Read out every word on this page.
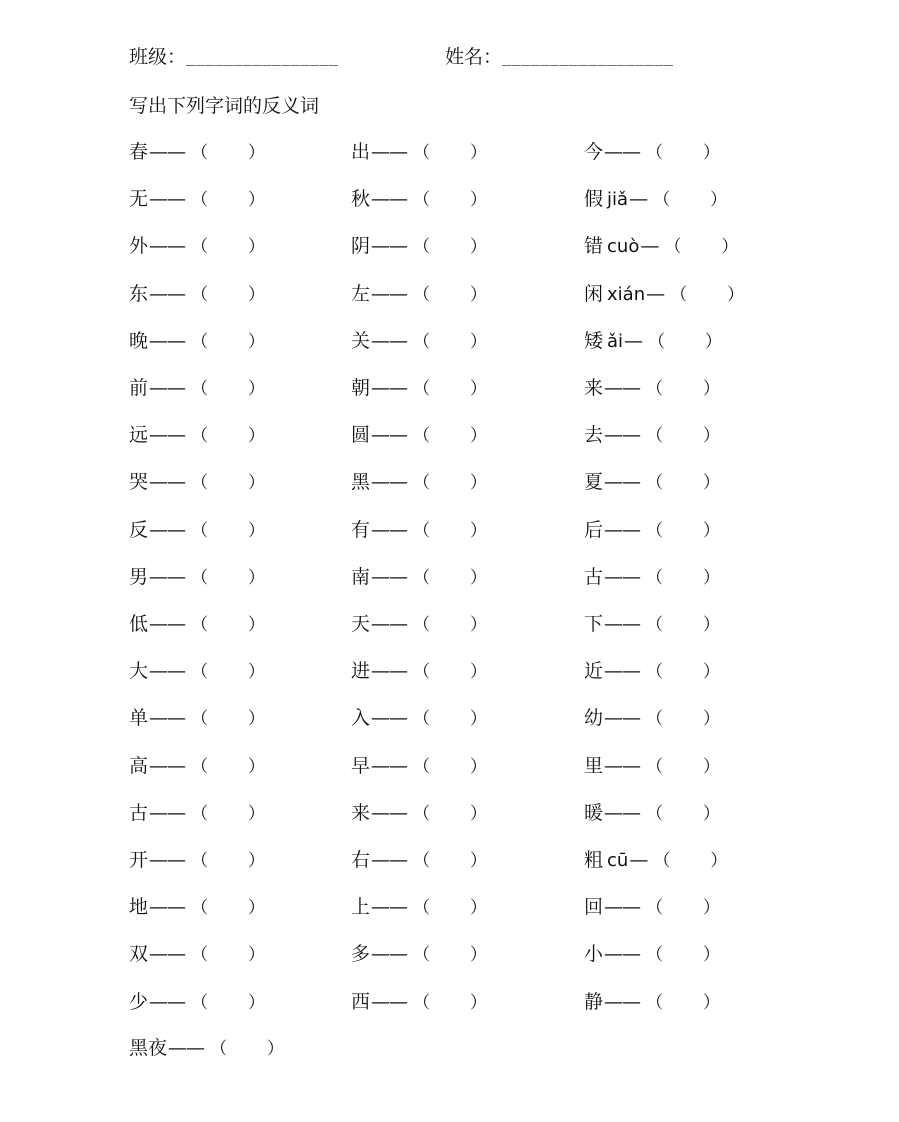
班级：________________	姓名：__________________
写出下列字词的反义词
春—— （ ）	出—— （ ）	今—— （ ）
无—— （ ）	秋—— （ ）	假 jiǎ— （ ）
外—— （ ）	阴—— （ ）	错 cuò— （ ）
东—— （ ）	左—— （ ）	闲 xián— （ ）
晚—— （ ）	关—— （ ）	矮 ǎi— （ ）
前—— （ ）	朝—— （ ）	来—— （ ）
远—— （ ）	圆—— （ ）	去—— （ ）
哭—— （ ）	黑—— （ ）	夏—— （ ）
反—— （ ）	有—— （ ）	后—— （ ）
男—— （ ）	南—— （ ）	古—— （ ）
低—— （ ）	天—— （ ）	下—— （ ）
大—— （ ）	进—— （ ）	近—— （ ）
单—— （ ）	入—— （ ）	幼—— （ ）
高—— （ ）	早—— （ ）	里—— （ ）
古—— （ ）	来—— （ ）	暖—— （ ）
开—— （ ）	右—— （ ）	粗 cū— （ ）
地—— （ ）	上—— （ ）	回—— （ ）
双—— （ ）	多—— （ ）	小—— （ ）
少—— （ ）	西—— （ ）	静—— （ ）
黑夜—— （ ）
